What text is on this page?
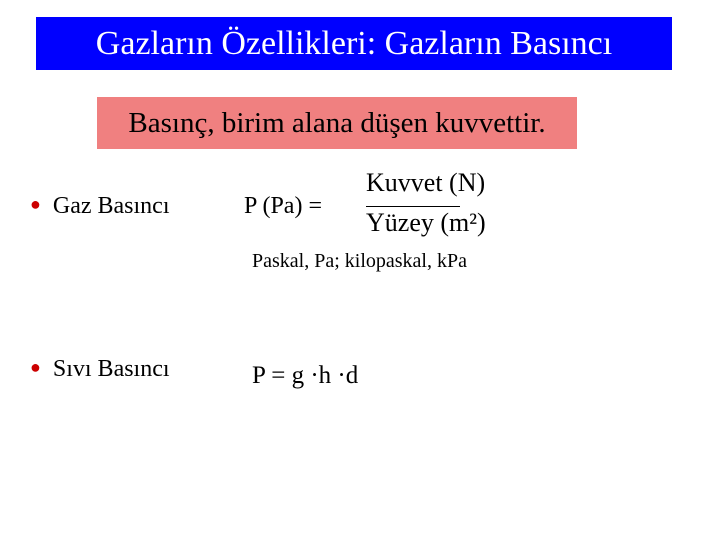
Gazların Özellikleri: Gazların Basıncı
Basınç, birim alana düşen kuvvettir.
● Gaz Basıncı	P (Pa) =
Kuvvet (N)
Yüzey (m²)
Paskal, Pa; kilopaskal, kPa
● Sıvı Basıncı	P = g ·h ·d
